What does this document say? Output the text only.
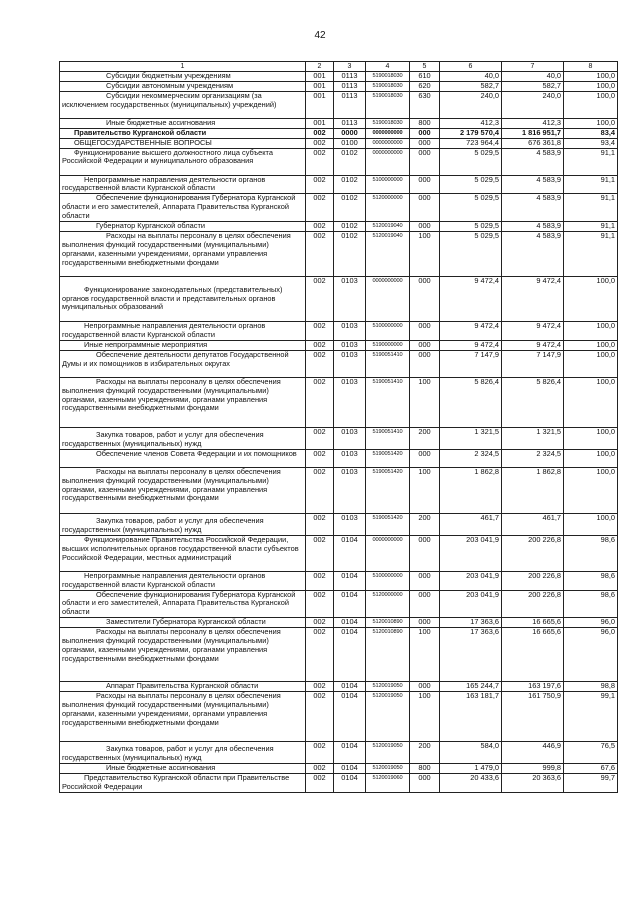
42
1	2	3	4	5	6	7	8
Субсидии бюджетным учреждениям	001	0113	5190018030	610	40,0	40,0	100,0
Субсидии автономным учреждениям	001	0113	5190018030	620	582,7	582,7	100,0
Субсидии некоммерческим организациям (за исключением государственных (муниципальных) учреждений)	001	0113	5190018030	630	240,0	240,0	100,0
Иные бюджетные ассигнования	001	0113	5190018030	800	412,3	412,3	100,0
Правительство Курганской области	002	0000	0000000000	000	2 179 570,4	1 816 951,7	83,4
ОБЩЕГОСУДАРСТВЕННЫЕ ВОПРОСЫ	002	0100	0000000000	000	723 964,4	676 361,8	93,4
Функционирование высшего должностного лица субъекта Российской Федерации и муниципального образования	002	0102	0000000000	000	5 029,5	4 583,9	91,1
Непрограммные направления деятельности органов государственной власти Курганской области	002	0102	5100000000	000	5 029,5	4 583,9	91,1
Обеспечение функционирования Губернатора Курганской области и его заместителей, Аппарата Правительства Курганской области	002	0102	5120000000	000	5 029,5	4 583,9	91,1
Губернатор Курганской области	002	0102	5120019040	000	5 029,5	4 583,9	91,1
Расходы на выплаты персоналу в целях обеспечения выполнения функций государственными (муниципальными) органами, казенными учреждениями, органами управления государственными внебюджетными фондами	002	0102	5120019040	100	5 029,5	4 583,9	91,1
Функционирование законодательных (представительных) органов государственной власти и представительных органов муниципальных образований	002	0103	0000000000	000	9 472,4	9 472,4	100,0
Непрограммные направления деятельности органов государственной власти Курганской области	002	0103	5100000000	000	9 472,4	9 472,4	100,0
Иные непрограммные мероприятия	002	0103	5190000000	000	9 472,4	9 472,4	100,0
Обеспечение деятельности депутатов Государственной Думы и их помощников в избирательных округах	002	0103	5190051410	000	7 147,9	7 147,9	100,0
Расходы на выплаты персоналу в целях обеспечения выполнения функций государственными (муниципальными) органами, казенными учреждениями, органами управления государственными внебюджетными фондами	002	0103	5190051410	100	5 826,4	5 826,4	100,0
Закупка товаров, работ и услуг для обеспечения государственных (муниципальных) нужд	002	0103	5190051410	200	1 321,5	1 321,5	100,0
Обеспечение членов Совета Федерации и их помощников	002	0103	5190051420	000	2 324,5	2 324,5	100,0
Расходы на выплаты персоналу в целях обеспечения выполнения функций государственными (муниципальными) органами, казенными учреждениями, органами управления государственными внебюджетными фондами	002	0103	5190051420	100	1 862,8	1 862,8	100,0
Закупка товаров, работ и услуг для обеспечения государственных (муниципальных) нужд	002	0103	5190051420	200	461,7	461,7	100,0
Функционирование Правительства Российской Федерации, высших исполнительных органов государственной власти субъектов Российской Федерации, местных администраций	002	0104	0000000000	000	203 041,9	200 226,8	98,6
Непрограммные направления деятельности органов государственной власти Курганской области	002	0104	5100000000	000	203 041,9	200 226,8	98,6
Обеспечение функционирования Губернатора Курганской области и его заместителей, Аппарата Правительства Курганской области	002	0104	5120000000	000	203 041,9	200 226,8	98,6
Заместители Губернатора Курганской области	002	0104	5120010890	000	17 363,6	16 665,6	96,0
Расходы на выплаты персоналу в целях обеспечения выполнения функций государственными (муниципальными) органами, казенными учреждениями, органами управления государственными внебюджетными фондами	002	0104	5120010890	100	17 363,6	16 665,6	96,0
Аппарат Правительства Курганской области	002	0104	5120019050	000	165 244,7	163 197,6	98,8
Расходы на выплаты персоналу в целях обеспечения выполнения функций государственными (муниципальными) органами, казенными учреждениями, органами управления государственными внебюджетными фондами	002	0104	5120019050	100	163 181,7	161 750,9	99,1
Закупка товаров, работ и услуг для обеспечения государственных (муниципальных) нужд	002	0104	5120019050	200	584,0	446,9	76,5
Иные бюджетные ассигнования	002	0104	5120019050	800	1 479,0	999,8	67,6
Представительство Курганской области при Правительстве Российской Федерации	002	0104	5120019060	000	20 433,6	20 363,6	99,7
